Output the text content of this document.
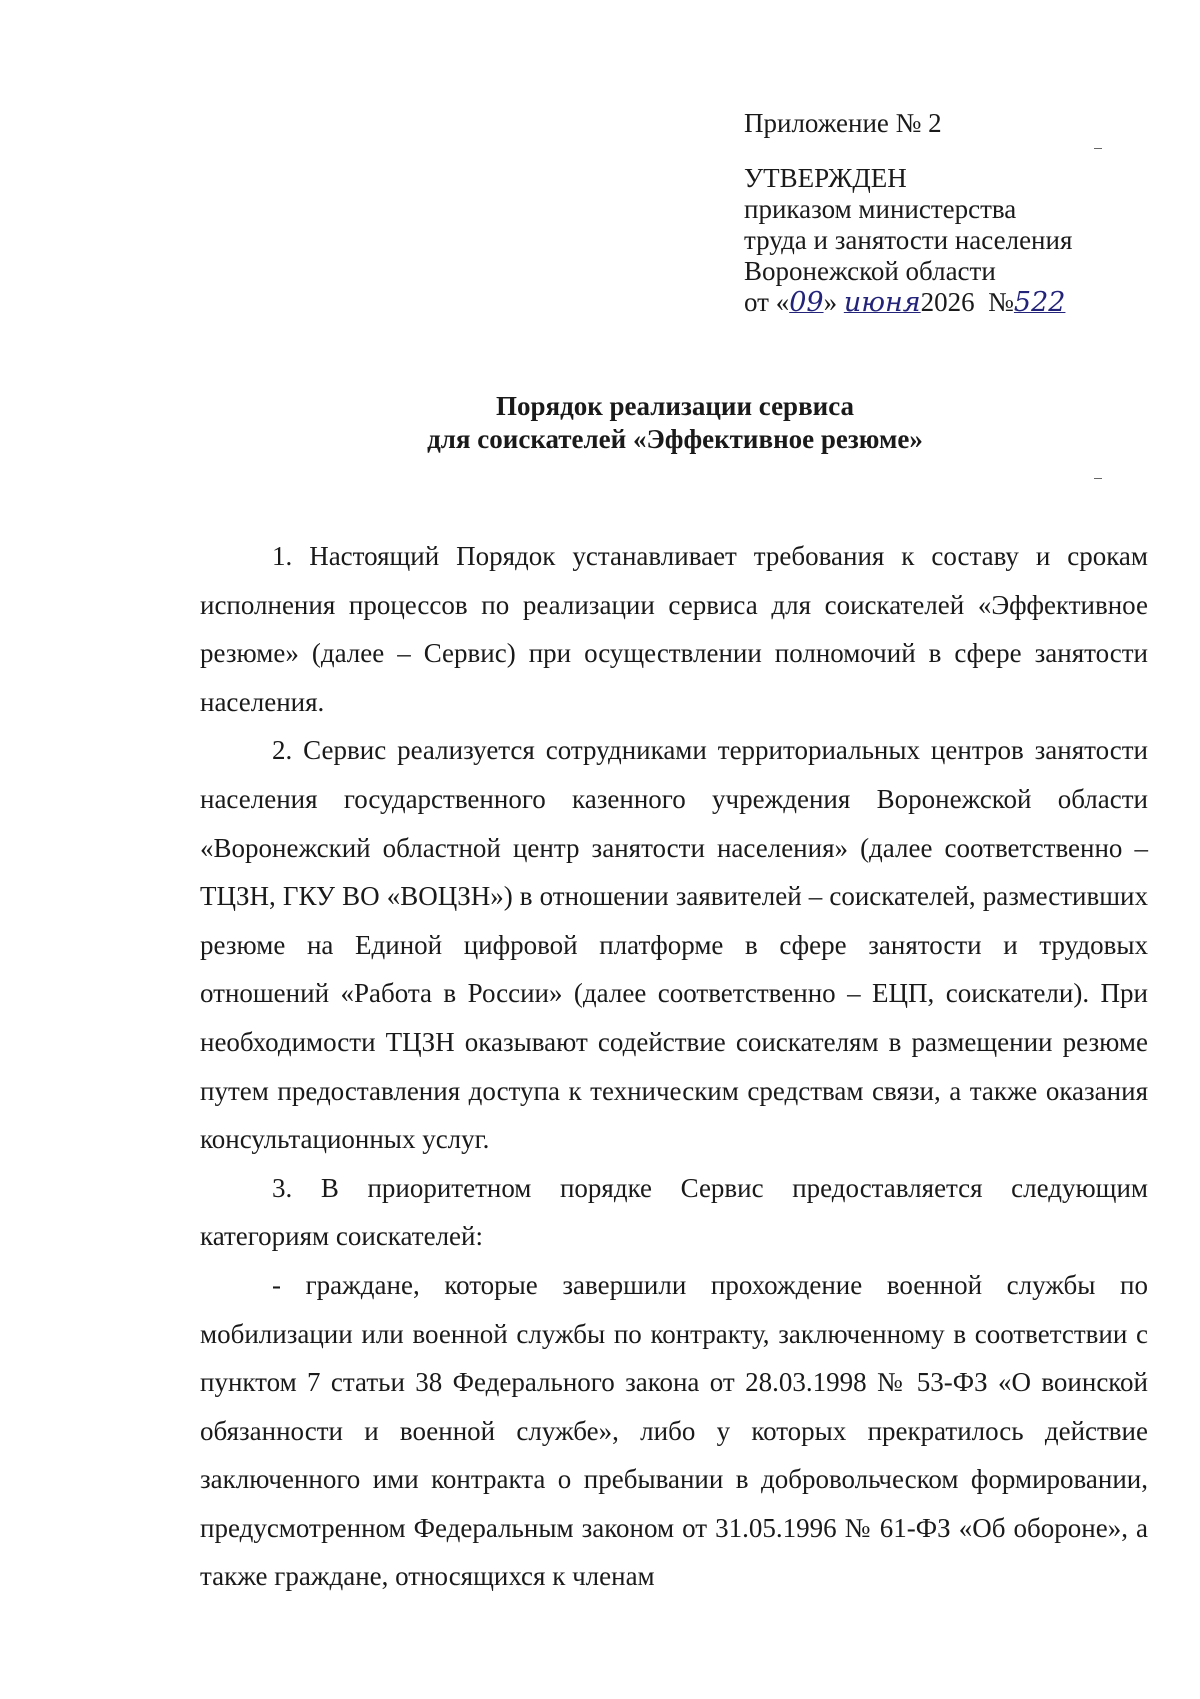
Приложение № 2
УТВЕРЖДЕН
приказом министерства
труда и занятости населения
Воронежской области
от «09» июня2026 №522
Порядок реализации сервиса
для соискателей «Эффективное резюме»

1. Настоящий Порядок устанавливает требования к составу и срокам исполнения процессов по реализации сервиса для соискателей «Эффективное резюме» (далее – Сервис) при осуществлении полномочий в сфере занятости населения.

2. Сервис реализуется сотрудниками территориальных центров занятости населения государственного казенного учреждения Воронежской области «Воронежский областной центр занятости населения» (далее соответственно – ТЦЗН, ГКУ ВО «ВОЦЗН») в отношении заявителей – соискателей, разместивших резюме на Единой цифровой платформе в сфере занятости и трудовых отношений «Работа в России» (далее соответственно – ЕЦП, соискатели). При необходимости ТЦЗН оказывают содействие соискателям в размещении резюме путем предоставления доступа к техническим средствам связи, а также оказания консультационных услуг.

3. В приоритетном порядке Сервис предоставляется следующим категориям соискателей:

- граждане, которые завершили прохождение военной службы по мобилизации или военной службы по контракту, заключенному в соответствии с пунктом 7 статьи 38 Федерального закона от 28.03.1998 № 53-ФЗ «О воинской обязанности и военной службе», либо у которых прекратилось действие заключенного ими контракта о пребывании в добровольческом формировании, предусмотренном Федеральным законом от 31.05.1996 № 61-ФЗ «Об обороне», а также граждане, относящихся к членам
